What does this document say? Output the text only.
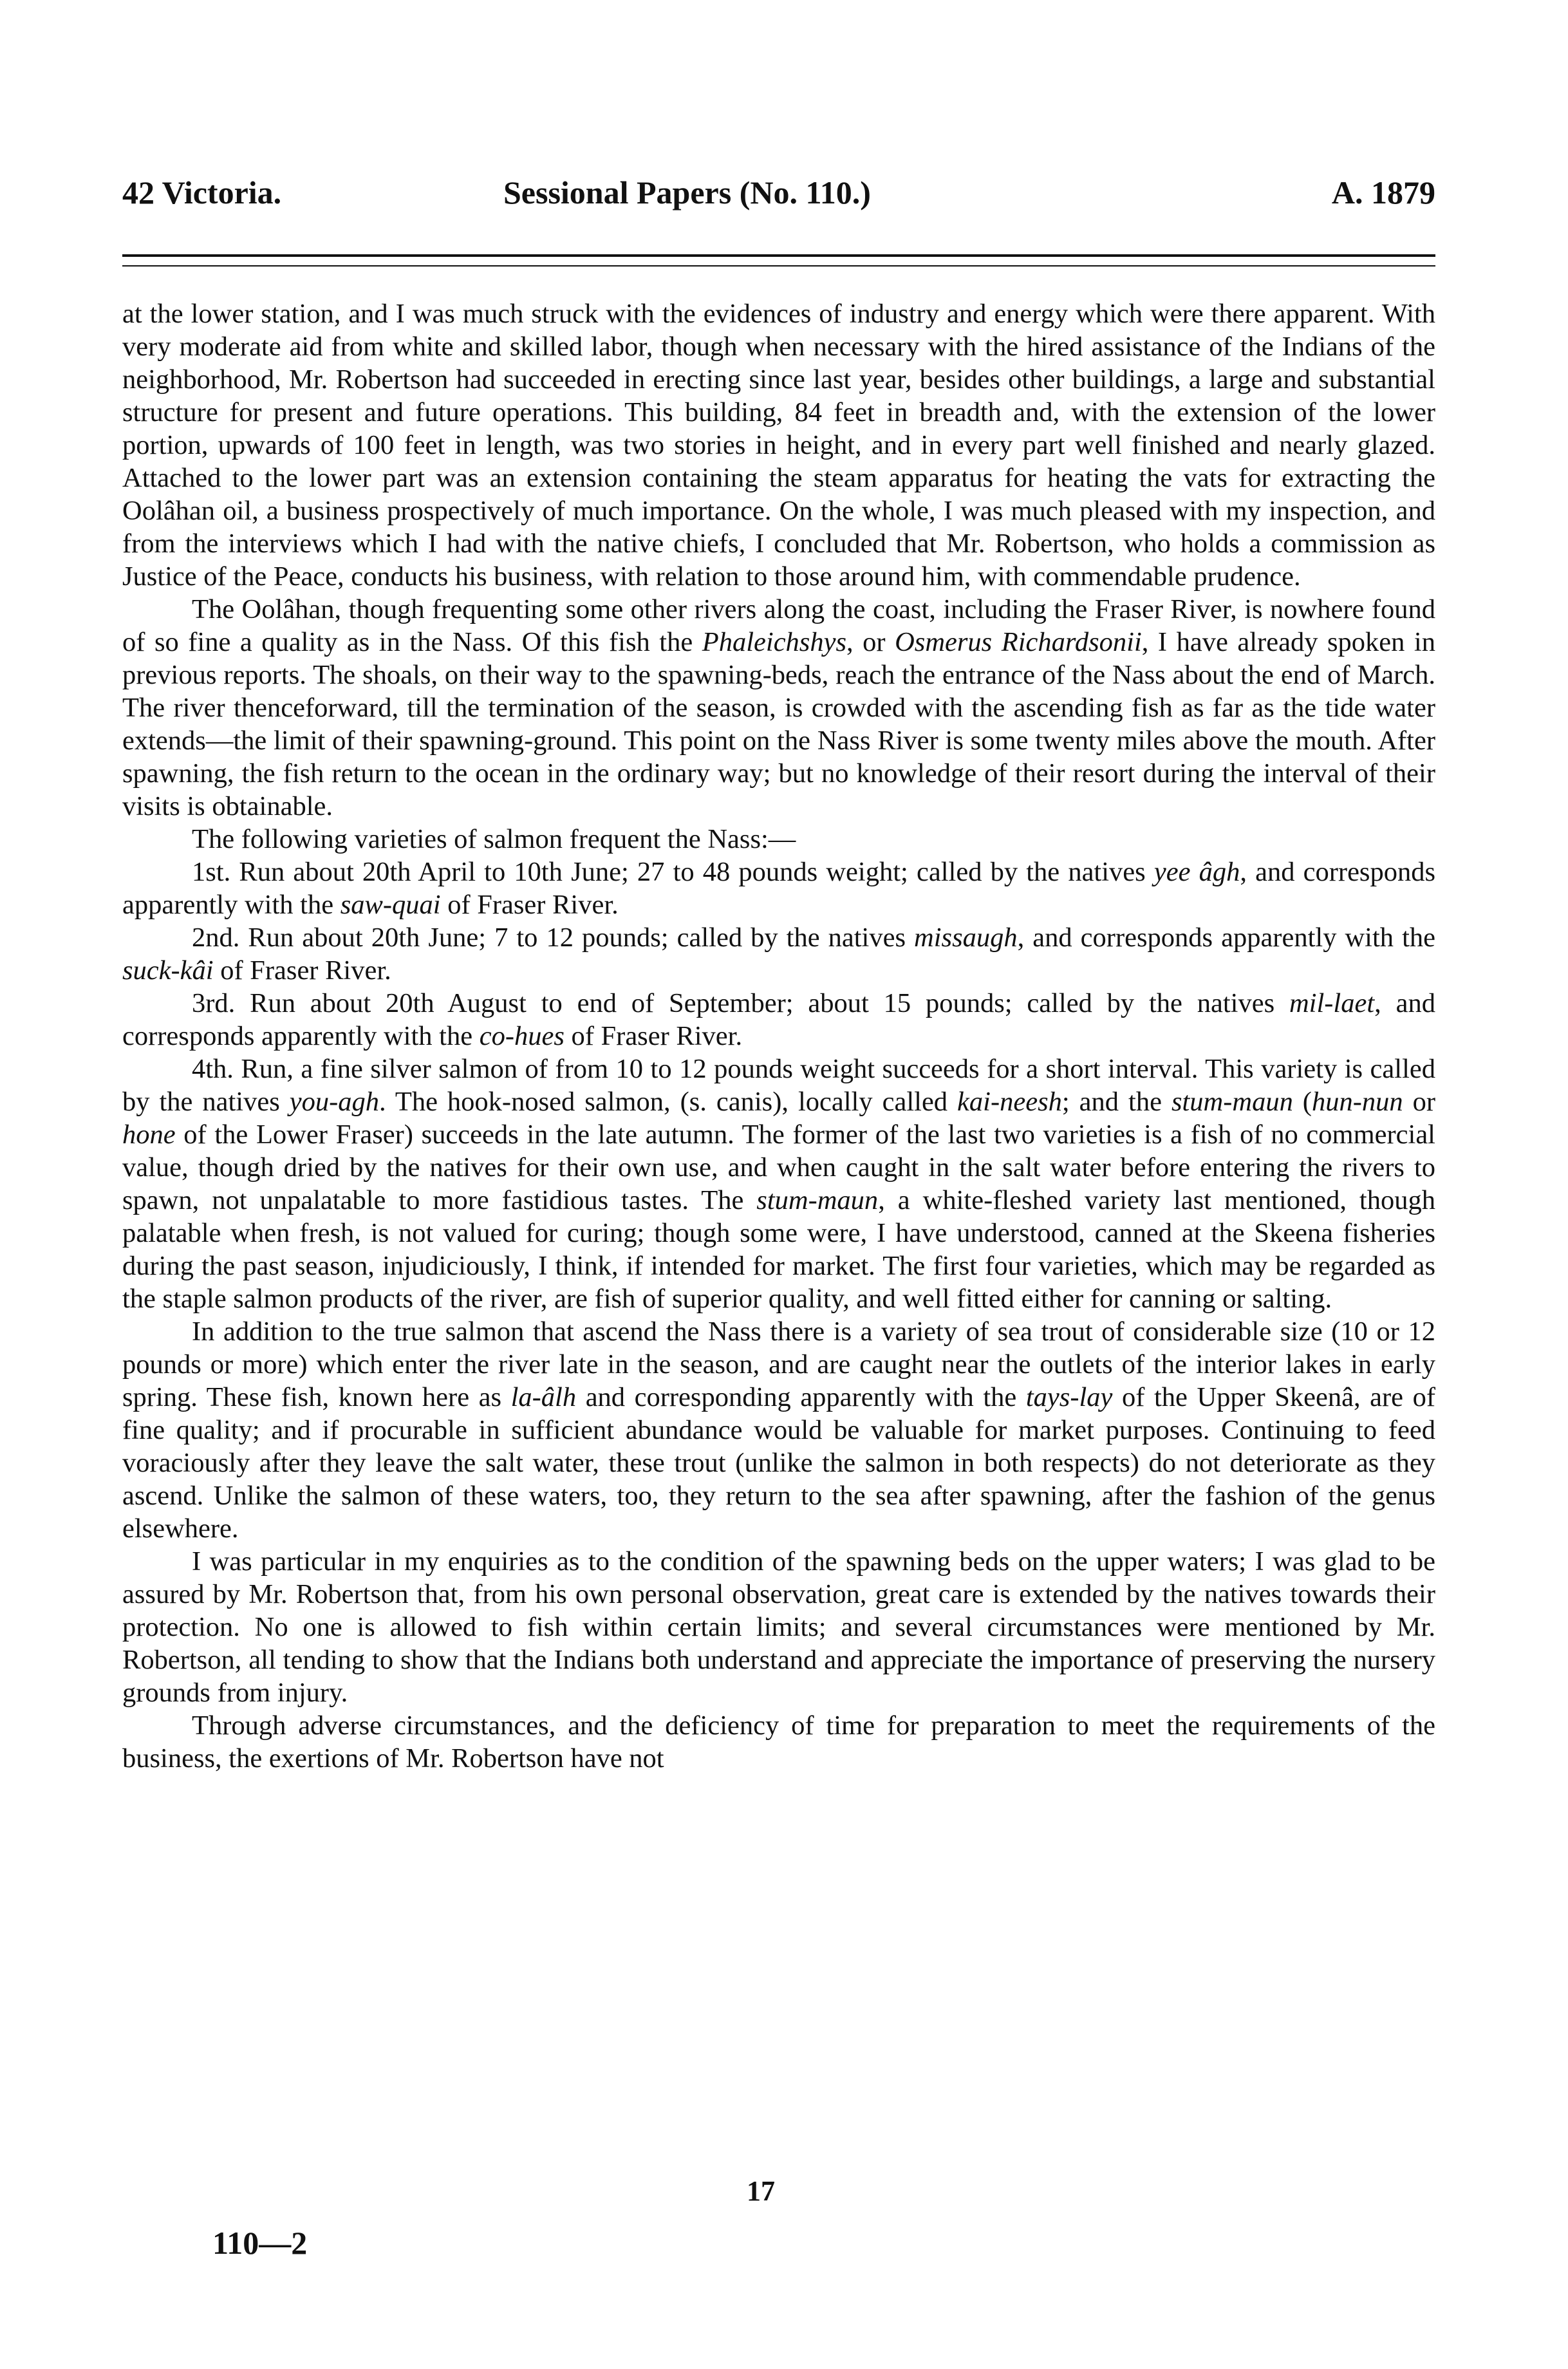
42 Victoria.	Sessional Papers (No. 110.)	A. 1879

at the lower station, and I was much struck with the evidences of industry and energy which were there apparent. With very moderate aid from white and skilled labor, though when necessary with the hired assistance of the Indians of the neighborhood, Mr. Robertson had succeeded in erecting since last year, besides other buildings, a large and substantial structure for present and future operations. This building, 84 feet in breadth and, with the extension of the lower portion, upwards of 100 feet in length, was two stories in height, and in every part well finished and nearly glazed. Attached to the lower part was an extension containing the steam apparatus for heating the vats for extracting the Oolâhan oil, a business prospectively of much importance. On the whole, I was much pleased with my inspection, and from the interviews which I had with the native chiefs, I concluded that Mr. Robertson, who holds a commission as Justice of the Peace, conducts his business, with relation to those around him, with commendable prudence.

The Oolâhan, though frequenting some other rivers along the coast, including the Fraser River, is nowhere found of so fine a quality as in the Nass. Of this fish the Phaleichshys, or Osmerus Richardsonii, I have already spoken in previous reports. The shoals, on their way to the spawning-beds, reach the entrance of the Nass about the end of March. The river thenceforward, till the termination of the season, is crowded with the ascending fish as far as the tide water extends—the limit of their spawning-ground. This point on the Nass River is some twenty miles above the mouth. After spawning, the fish return to the ocean in the ordinary way; but no knowledge of their resort during the interval of their visits is obtainable.

The following varieties of salmon frequent the Nass:—

1st. Run about 20th April to 10th June; 27 to 48 pounds weight; called by the natives yee âgh, and corresponds apparently with the saw-quai of Fraser River.

2nd. Run about 20th June; 7 to 12 pounds; called by the natives missaugh, and corresponds apparently with the suck-kâi of Fraser River.

3rd. Run about 20th August to end of September; about 15 pounds; called by the natives mil-laet, and corresponds apparently with the co-hues of Fraser River.

4th. Run, a fine silver salmon of from 10 to 12 pounds weight succeeds for a short interval. This variety is called by the natives you-agh. The hook-nosed salmon, (s. canis), locally called kai-neesh; and the stum-maun (hun-nun or hone of the Lower Fraser) succeeds in the late autumn. The former of the last two varieties is a fish of no commercial value, though dried by the natives for their own use, and when caught in the salt water before entering the rivers to spawn, not unpalatable to more fastidious tastes. The stum-maun, a white-fleshed variety last mentioned, though palatable when fresh, is not valued for curing; though some were, I have understood, canned at the Skeena fisheries during the past season, injudiciously, I think, if intended for market. The first four varieties, which may be regarded as the staple salmon products of the river, are fish of superior quality, and well fitted either for canning or salting.

In addition to the true salmon that ascend the Nass there is a variety of sea trout of considerable size (10 or 12 pounds or more) which enter the river late in the season, and are caught near the outlets of the interior lakes in early spring. These fish, known here as la-âlh and corresponding apparently with the tays-lay of the Upper Skeenâ, are of fine quality; and if procurable in sufficient abundance would be valuable for market purposes. Continuing to feed voraciously after they leave the salt water, these trout (unlike the salmon in both respects) do not deteriorate as they ascend. Unlike the salmon of these waters, too, they return to the sea after spawning, after the fashion of the genus elsewhere.

I was particular in my enquiries as to the condition of the spawning beds on the upper waters; I was glad to be assured by Mr. Robertson that, from his own personal observation, great care is extended by the natives towards their protection. No one is allowed to fish within certain limits; and several circumstances were mentioned by Mr. Robertson, all tending to show that the Indians both understand and appreciate the importance of preserving the nursery grounds from injury.

Through adverse circumstances, and the deficiency of time for preparation to meet the requirements of the business, the exertions of Mr. Robertson have not

17
110—2
